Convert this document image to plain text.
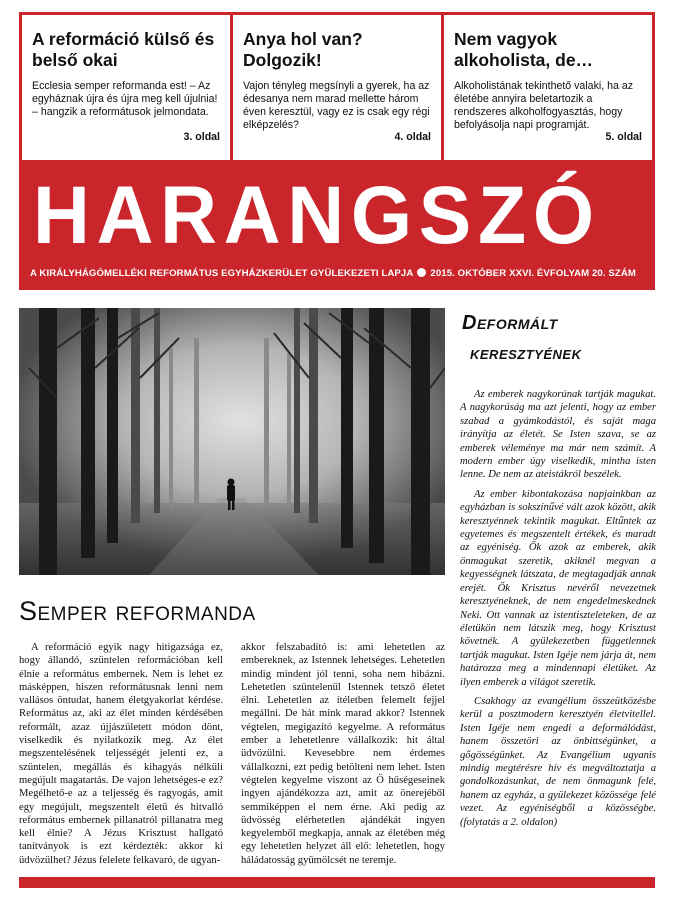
A reformáció külső és belső okai
Ecclesia semper reformanda est! – Az egyháznak újra és újra meg kell újulnia! – hangzik a reformátusok jelmondata.
3. oldal
Anya hol van? Dolgozik!
Vajon tényleg megsínyli a gyerek, ha az édesanya nem marad mellette három éven keresztül, vagy ez is csak egy régi elképzelés?
4. oldal
Nem vagyok alkoholista, de…
Alkoholistának tekinthető valaki, ha az életébe annyira beletartozik a rendszeres alkoholfogyasztás, hogy befolyásolja napi programját.
5. oldal
HARANGSZÓ
A KIRÁLYHÁGÓMELLÉKI REFORMÁTUS EGYHÁZKERÜLET GYÜLEKEZETI LAPJA 2015. OKTÓBER XXVI. ÉVFOLYAM 20. SZÁM
Deformált
keresztyének

Az emberek nagykorúnak tartják magukat. A nagykorúság ma azt jelenti, hogy az ember szabad a gyámkodástól, és saját maga irányítja az életét. Se Isten szava, se az emberek véleménye ma már nem számít. A modern ember úgy viselkedik, mintha isten lenne. De nem az ateistákról beszélek.

Az ember kibontakozása napjainkban az egyházban is sokszínűvé vált azok között, akik keresztyénnek tekintik magukat. Eltűntek az egyetemes és megszentelt értékek, és maradt az egyéniség. Ők azok az emberek, akik önmagukat szeretik, akiknél megvan a kegyességnek látszata, de megtagadják annak erejét. Ők Krisztus nevéről nevezetnek keresztyéneknek, de nem engedelmeskednek Neki. Ott vannak az istentiszteleteken, de az életükön nem látszik meg, hogy Krisztust követnék. A gyülekezetben függetlennek tartják magukat. Isten Igéje nem járja át, nem határozza meg a mindennapi életüket. Az ilyen emberek a világot szeretik.

Csakhogy az evangélium összeütközésbe kerül a posztmodern keresztyén életvitellel. Isten Igéje nem engedi a deformálódást, hanem összetöri az önbittségünket, a gőgösségünket. Az Evangélium ugyanis mindig megtérésre hív és megváltoztatja a gondolkozásunkat, de nem önmagunk felé, hanem az egyház, a gyülekezet közössége felé vezet. Az egyéniségből a közösségbe. (folytatás a 2. oldalon)

Semper reformanda

A reformáció egyik nagy hitigazsága ez, hogy állandó, szüntelen reformációban kell élnie a református embernek. Nem is lehet ez másképpen, hiszen reformátusnak lenni nem vallásos öntudat, hanem életgyakorlat kérdése. Református az, aki az élet minden kérdésében reformált, azaz újjászületett módon dönt, viselkedik és nyilatkozik meg. Az élet megszentelésének teljességét jelenti ez, a szüntelen, megállás és kihagyás nélküli megújult magatartás. De vajon lehetséges-e ez? Megélhető-e az a teljesség és ragyogás, amit egy megújult, megszentelt életű és hitvalló református embernek pillanatról pillanatra meg kell élnie? A Jézus Krisztust hallgató tanítványok is ezt kérdezték: akkor ki üdvözülhet? Jézus felelete felkavaró, de ugyan-

akkor felszabadító is: ami lehetetlen az embereknek, az Istennek lehetséges. Lehetetlen mindig mindent jól tenni, soha nem hibázni. Lehetetlen szüntelenül Istennek tetsző életet élni. Lehetetlen az ítéletben felemelt fejjel megállni. De hát mink marad akkor? Istennek végtelen, megigazító kegyelme. A református ember a lehetetlenre vállalkozik: hit által üdvözülni. Kevesebbre nem érdemes vállalkozni, ezt pedig betölteni nem lehet. Isten végtelen kegyelme viszont az Ő hűségeseinek ingyen ajándékozza azt, amit az önerejéből semmiképpen el nem érne. Aki pedig az üdvösség elérhetetlen ajándékát ingyen kegyelemből megkapja, annak az életében még egy lehetetlen helyzet áll elő: lehetetlen, hogy háládatosság gyümölcsét ne teremje.
